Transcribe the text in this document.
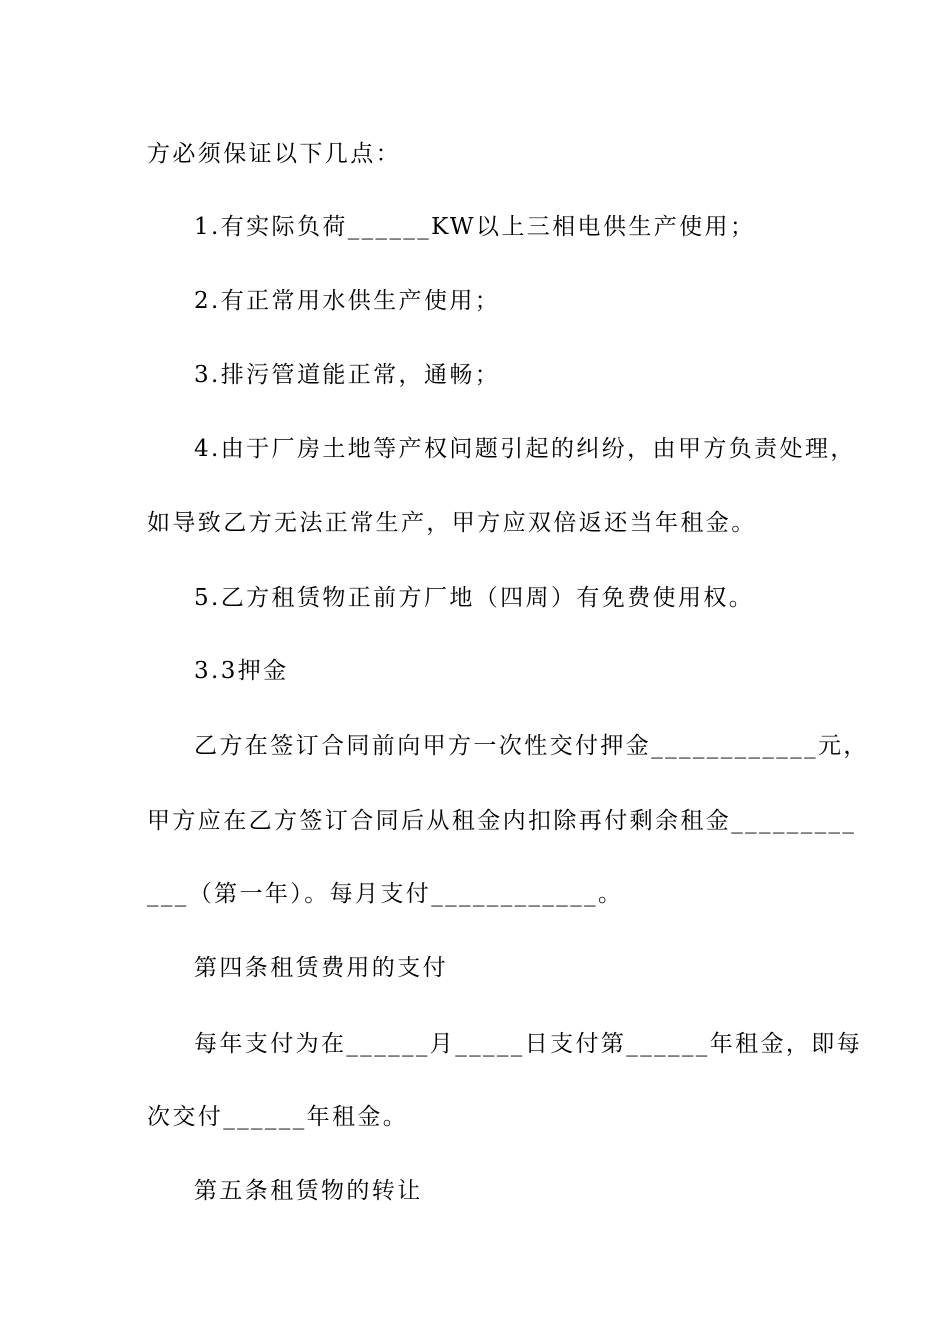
方必须保证以下几点：
1.有实际负荷______KW以上三相电供生产使用；
2.有正常用水供生产使用；
3.排污管道能正常，通畅；
4.由于厂房土地等产权问题引起的纠纷，由甲方负责处理，
如导致乙方无法正常生产，甲方应双倍返还当年租金。
5.乙方租赁物正前方厂地（四周）有免费使用权。
3.3押金
乙方在签订合同前向甲方一次性交付押金____________元，
甲方应在乙方签订合同后从租金内扣除再付剩余租金_________
___（第一年）。每月支付____________。
第四条租赁费用的支付
每年支付为在______月_____日支付第______年租金，即每
次交付______年租金。
第五条租赁物的转让
